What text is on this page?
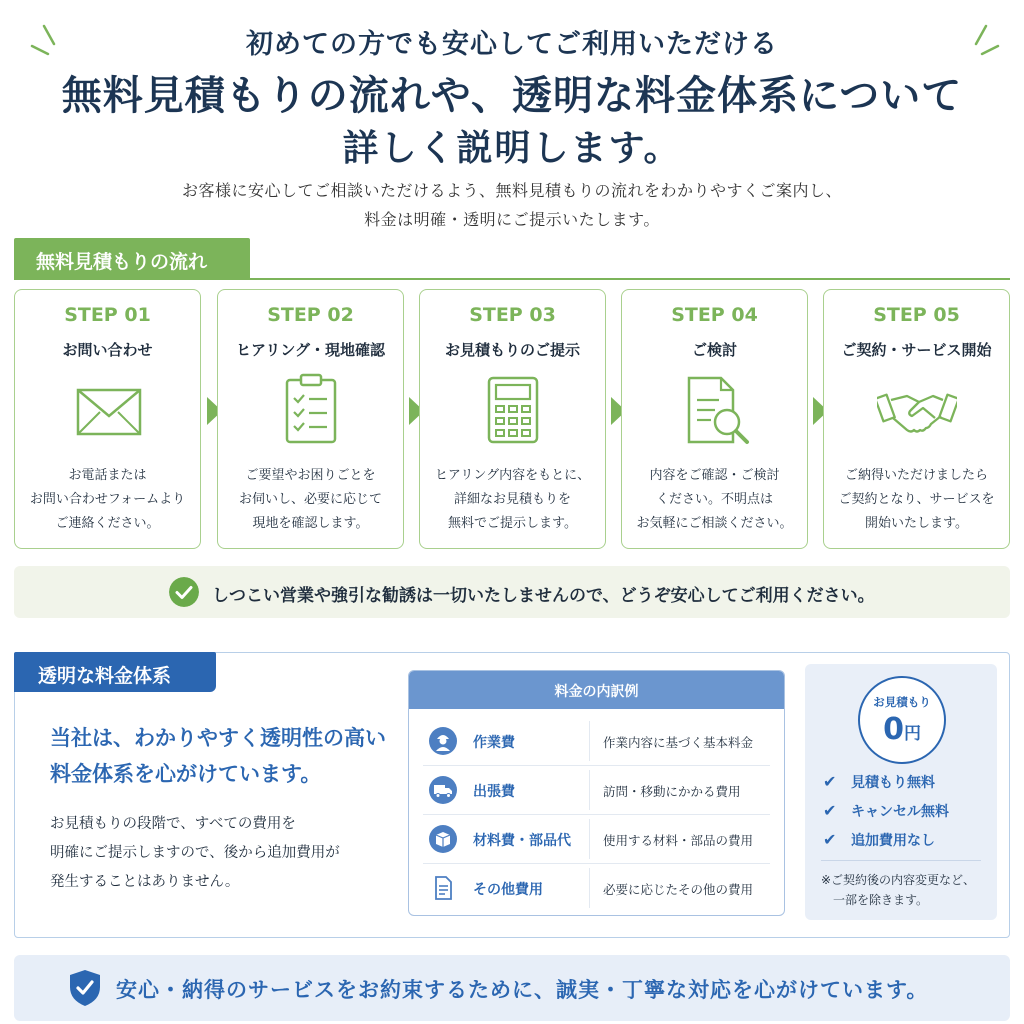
初めての方でも安心してご利用いただける
無料見積もりの流れや、透明な料金体系について
詳しく説明します。
お客様に安心してご相談いただけるよう、無料見積もりの流れをわかりやすくご案内し、
料金は明確・透明にご提示いたします。
無料見積もりの流れ
STEP 01
お問い合わせ
お電話または
お問い合わせフォームより
ご連絡ください。
STEP 02
ヒアリング・現地確認
ご要望やお困りごとを
お伺いし、必要に応じて
現地を確認します。
STEP 03
お見積もりのご提示
ヒアリング内容をもとに、
詳細なお見積もりを
無料でご提示します。
STEP 04
ご検討
内容をご確認・ご検討
ください。不明点は
お気軽にご相談ください。
STEP 05
ご契約・サービス開始
ご納得いただけましたら
ご契約となり、サービスを
開始いたします。
しつこい営業や強引な勧誘は一切いたしませんので、どうぞ安心してご利用ください。
透明な料金体系
当社は、わかりやすく透明性の高い
料金体系を心がけています。
お見積もりの段階で、すべての費用を
明確にご提示しますので、後から追加費用が
発生することはありません。
料金の内訳例
作業費	作業内容に基づく基本料金
出張費	訪問・移動にかかる費用
材料費・部品代	使用する材料・部品の費用
その他費用	必要に応じたその他の費用
お見積もり
0円
✔ 見積もり無料
✔ キャンセル無料
✔ 追加費用なし
※ご契約後の内容変更など、
一部を除きます。
安心・納得のサービスをお約束するために、誠実・丁寧な対応を心がけています。
